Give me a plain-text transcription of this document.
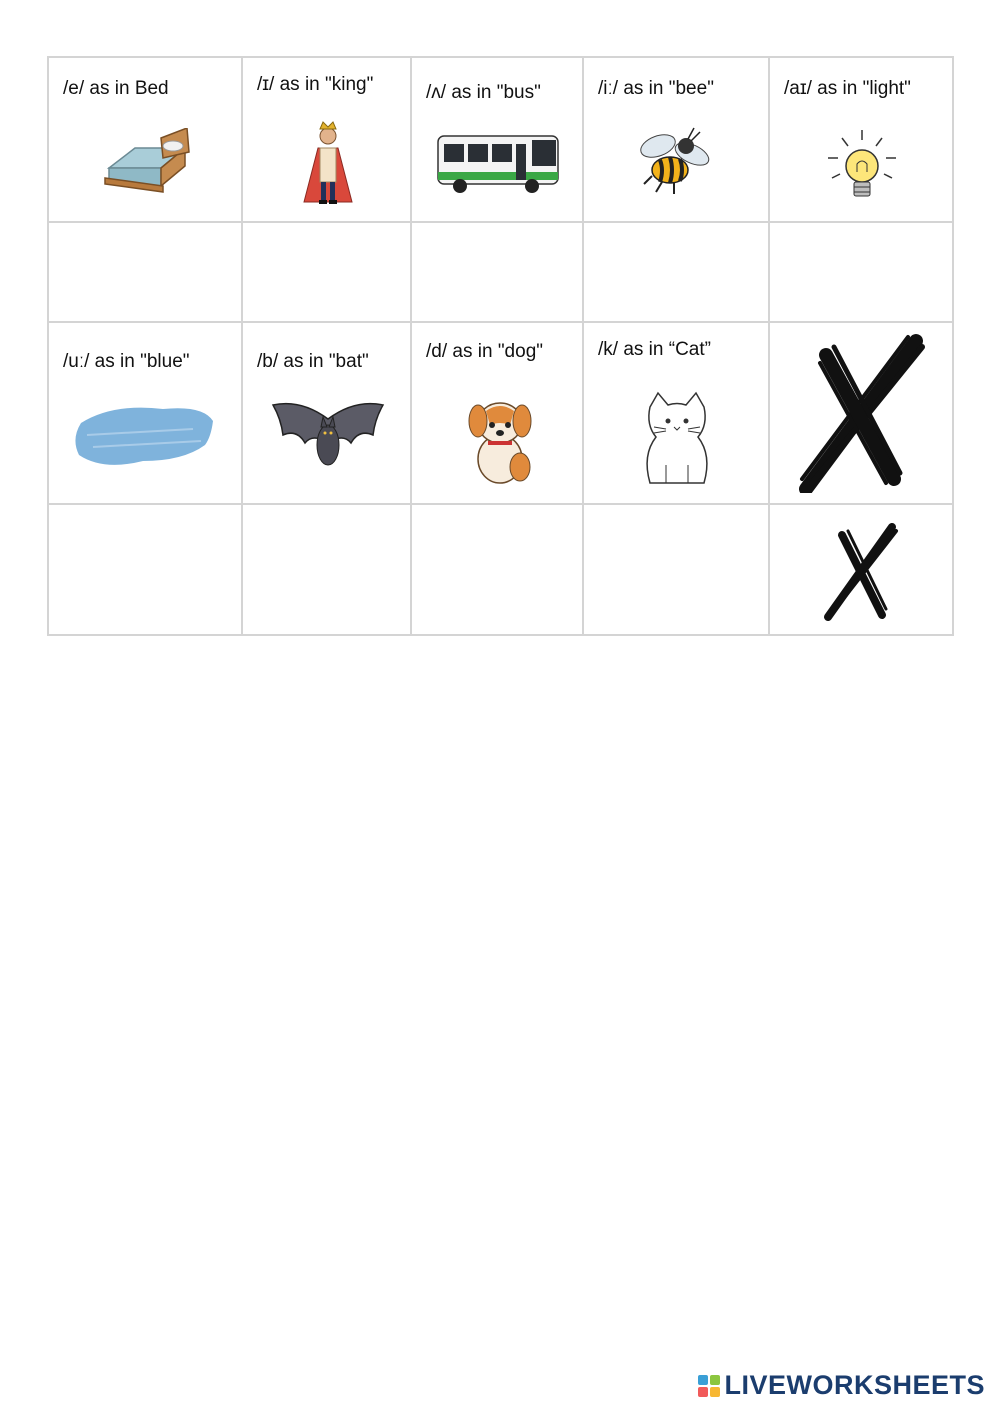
/e/ as in Bed	/ɪ/ as in "king"	/ʌ/ as in "bus"	/iː/ as in "bee"	/aɪ/ as in "light"

/uː/ as in "blue"	/b/ as in "bat"	/d/ as in "dog"	/k/ as in “Cat”

LIVEWORKSHEETS
